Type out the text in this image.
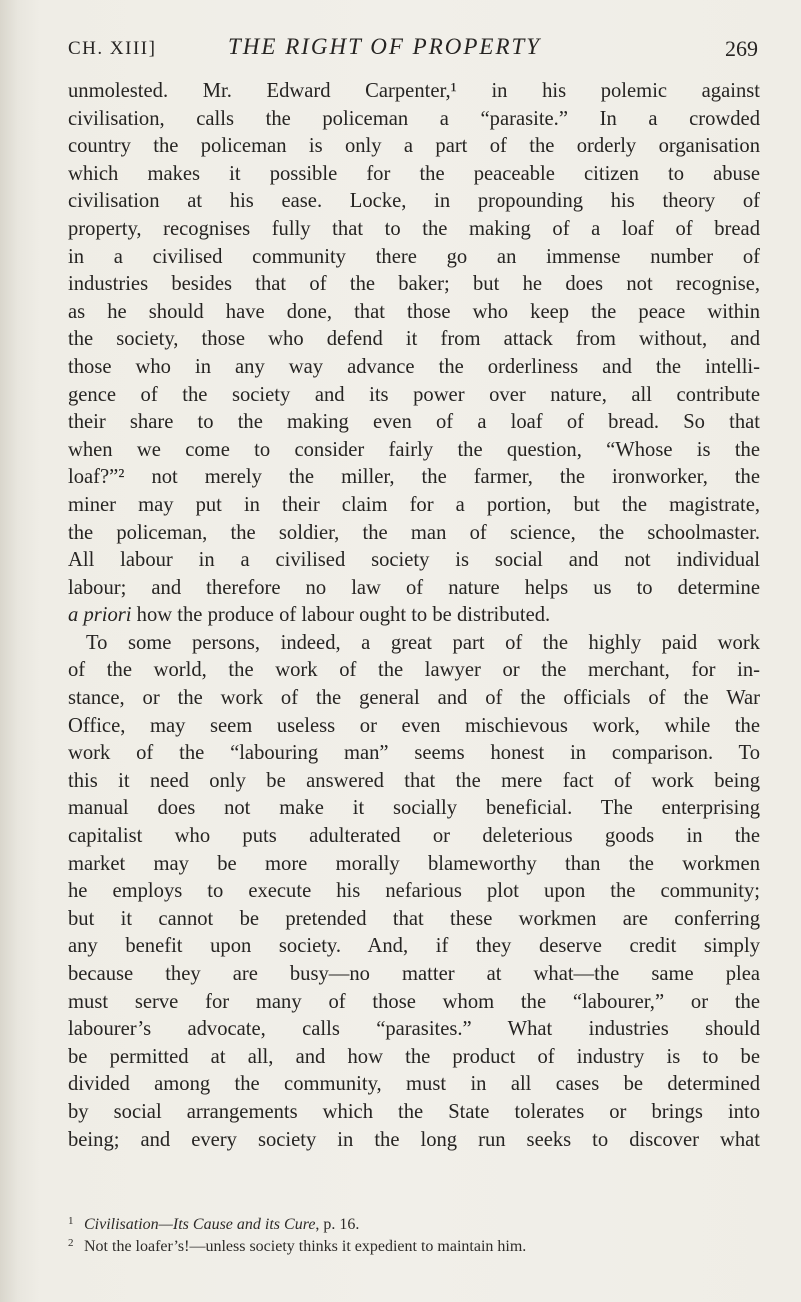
CH. XIII]	THE RIGHT OF PROPERTY	269
unmolested. Mr. Edward Carpenter,¹ in his polemic against
civilisation, calls the policeman a “parasite.” In a crowded
country the policeman is only a part of the orderly organisation
which makes it possible for the peaceable citizen to abuse
civilisation at his ease. Locke, in propounding his theory of
property, recognises fully that to the making of a loaf of bread
in a civilised community there go an immense number of
industries besides that of the baker; but he does not recognise,
as he should have done, that those who keep the peace within
the society, those who defend it from attack from without, and
those who in any way advance the orderliness and the intelli-
gence of the society and its power over nature, all contribute
their share to the making even of a loaf of bread. So that
when we come to consider fairly the question, “Whose is the
loaf?”² not merely the miller, the farmer, the ironworker, the
miner may put in their claim for a portion, but the magistrate,
the policeman, the soldier, the man of science, the schoolmaster.
All labour in a civilised society is social and not individual
labour; and therefore no law of nature helps us to determine
a priori how the produce of labour ought to be distributed.
To some persons, indeed, a great part of the highly paid work
of the world, the work of the lawyer or the merchant, for in-
stance, or the work of the general and of the officials of the War
Office, may seem useless or even mischievous work, while the
work of the “labouring man” seems honest in comparison. To
this it need only be answered that the mere fact of work being
manual does not make it socially beneficial. The enterprising
capitalist who puts adulterated or deleterious goods in the
market may be more morally blameworthy than the workmen
he employs to execute his nefarious plot upon the community;
but it cannot be pretended that these workmen are conferring
any benefit upon society. And, if they deserve credit simply
because they are busy—no matter at what—the same plea
must serve for many of those whom the “labourer,” or the
labourer’s advocate, calls “parasites.” What industries should
be permitted at all, and how the product of industry is to be
divided among the community, must in all cases be determined
by social arrangements which the State tolerates or brings into
being; and every society in the long run seeks to discover what
1 Civilisation—Its Cause and its Cure, p. 16.
2 Not the loafer’s!—unless society thinks it expedient to maintain him.
